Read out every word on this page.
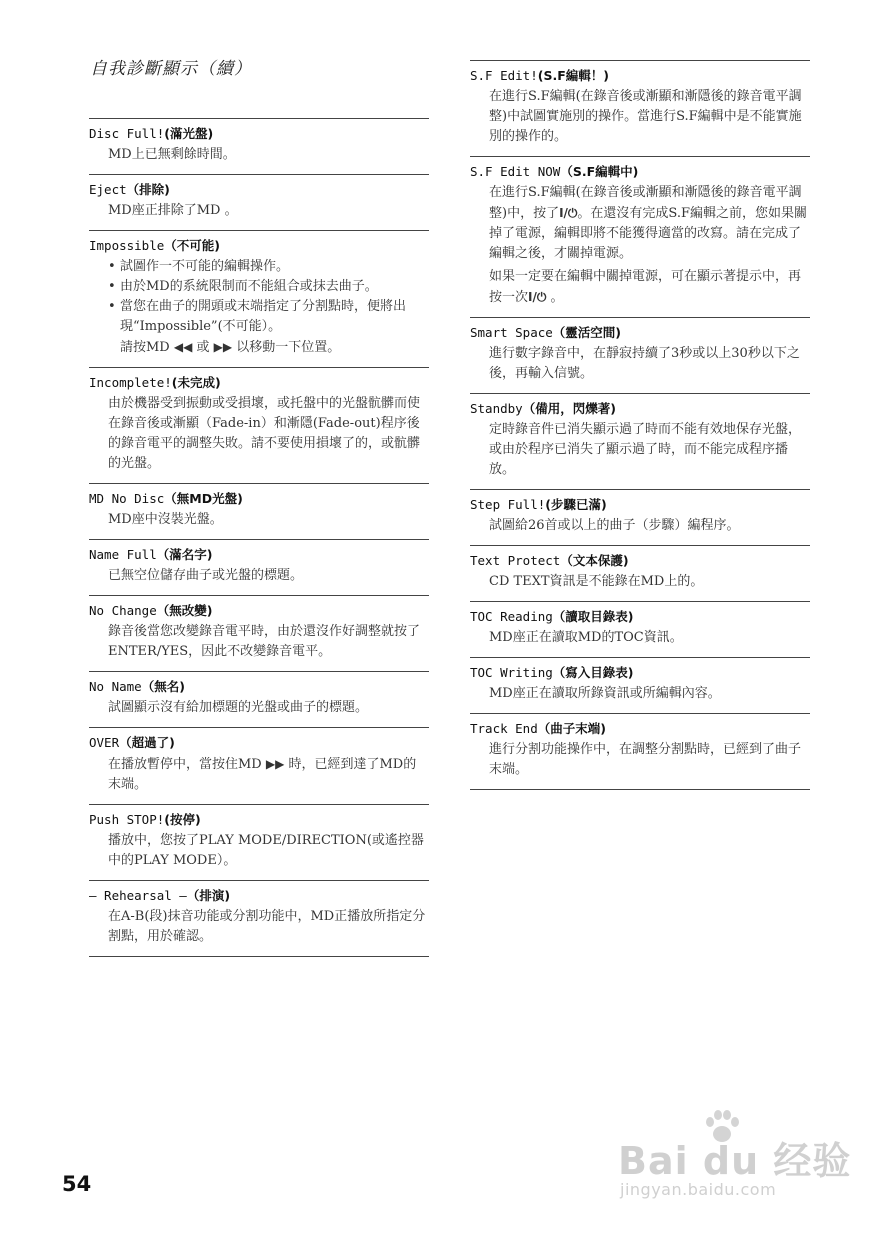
自我診斷顯示（續）
Disc Full!(滿光盤)

MD上已無剩餘時間。

Eject（排除)

MD座正排除了MD 。

Impossible（不可能)
• 試圖作一不可能的編輯操作。
• 由於MD的系統限制而不能組合或抹去曲子。
• 當您在曲子的開頭或末端指定了分割點時，便將出現“Impossible”(不可能）。
請按MD ◀◀ 或 ▶▶ 以移動一下位置。
Incomplete!(未完成)

由於機器受到振動或受損壞，或托盤中的光盤骯髒而使在錄音後或漸顯（Fade-in）和漸隱(Fade-out)程序後的錄音電平的調整失敗。請不要使用損壞了的，或骯髒的光盤。

MD No Disc（無MD光盤)

MD座中沒裝光盤。

Name Full（滿名字)

已無空位儲存曲子或光盤的標題。

No Change（無改變)

錄音後當您改變錄音電平時，由於還沒作好調整就按了ENTER/YES，因此不改變錄音電平。

No Name（無名)

試圖顯示沒有給加標題的光盤或曲子的標題。

OVER（超過了)

在播放暫停中，當按住MD ▶▶ 時，已經到達了MD的末端。

Push STOP!(按停)

播放中，您按了PLAY MODE/DIRECTION(或遙控器中的PLAY MODE）。

— Rehearsal —（排演)

在A-B(段)抹音功能或分割功能中，MD正播放所指定分割點，用於確認。

S.F Edit!(S.F編輯！)

在進行S.F編輯(在錄音後或漸顯和漸隱後的錄音電平調整)中試圖實施別的操作。當進行S.F編輯中是不能實施別的操作的。

S.F Edit NOW（S.F編輯中)

在進行S.F編輯(在錄音後或漸顯和漸隱後的錄音電平調整)中，按了I/⏻。在還沒有完成S.F編輯之前，您如果關掉了電源，編輯即將不能獲得適當的改寫。請在完成了編輯之後，才關掉電源。

如果一定要在編輯中關掉電源，可在顯示著提示中，再按一次I/⏻ 。

Smart Space（靈活空間)

進行數字錄音中，在靜寂持續了3秒或以上30秒以下之後，再輸入信號。

Standby（備用，閃爍著)

定時錄音件已消失顯示過了時而不能有效地保存光盤，或由於程序已消失了顯示過了時，而不能完成程序播放。

Step Full!(步驟已滿)

試圖給26首或以上的曲子（步驟）編程序。

Text Protect（文本保護)

CD TEXT資訊是不能錄在MD上的。

TOC Reading（讀取目錄表)

MD座正在讀取MD的TOC資訊。

TOC Writing（寫入目錄表)

MD座正在讀取所錄資訊或所編輯內容。

Track End（曲子末端)

進行分割功能操作中，在調整分割點時，已經到了曲子末端。

54
Bai du 经验
jingyan.baidu.com
